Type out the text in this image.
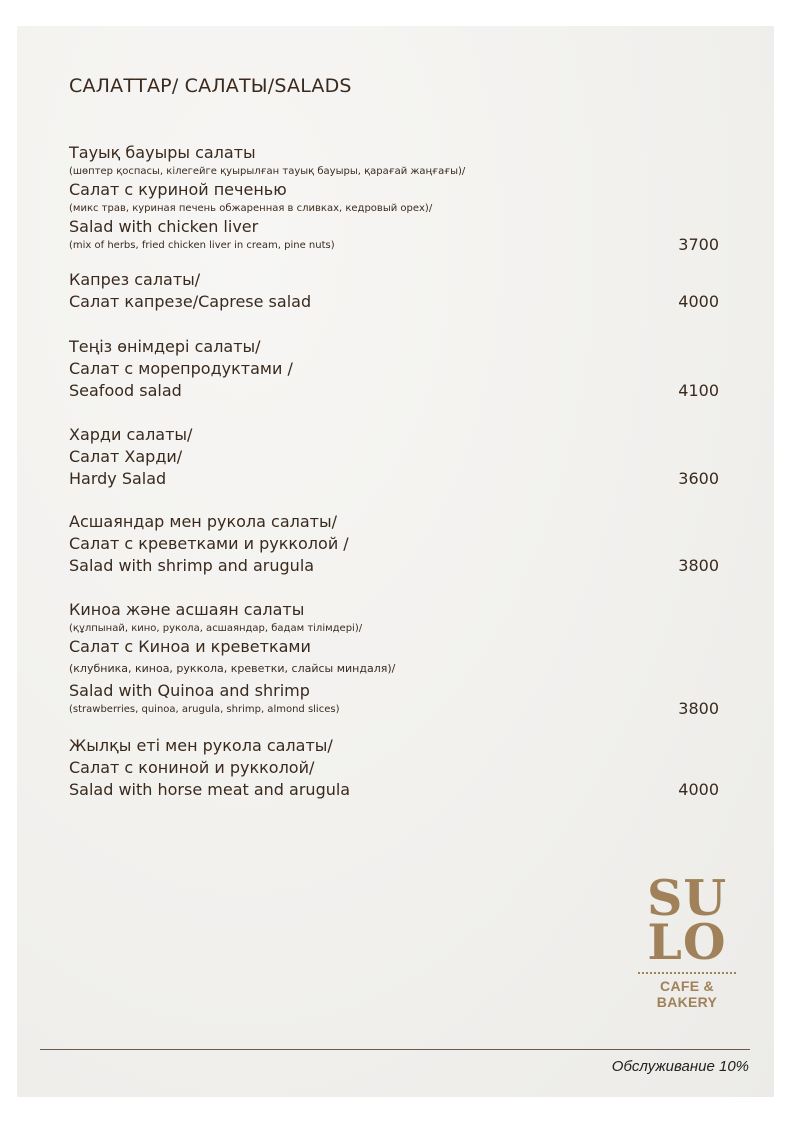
САЛАТТАР/ САЛАТЫ/SALADS
Тауық бауыры салаты
(шөптер қоспасы, кілегейге қуырылған тауық бауыры, қарағай жаңғағы)/
Салат с куриной печенью
(микс трав, куриная печень обжаренная в сливках, кедровый орех)/
Salad with chicken liver
(mix of herbs, fried chicken liver in cream, pine nuts)	3700
Капрез салаты/
Салат капрезе/Caprese salad	4000
Теңіз өнімдері салаты/
Салат с морепродуктами /
Seafood salad	4100
Харди салаты/
Салат Харди/
Hardy Salad	3600
Асшаяндар мен рукола салаты/
Салат с креветками и рукколой /
Salad with shrimp and arugula	3800
Киноа және асшаян салаты
(құлпынай, кино, рукола, асшаяндар, бадам тілімдері)/
Салат с Киноа и креветками
(клубника, киноа, руккола, креветки, слайсы миндаля)/
Salad with Quinoa and shrimp
(strawberries, quinoa, arugula, shrimp, almond slices)	3800
Жылқы еті мен рукола салаты/
Салат с кониной и рукколой/
Salad with horse meat and arugula	4000
SU
LO
CAFE & BAKERY
Обслуживание 10%
